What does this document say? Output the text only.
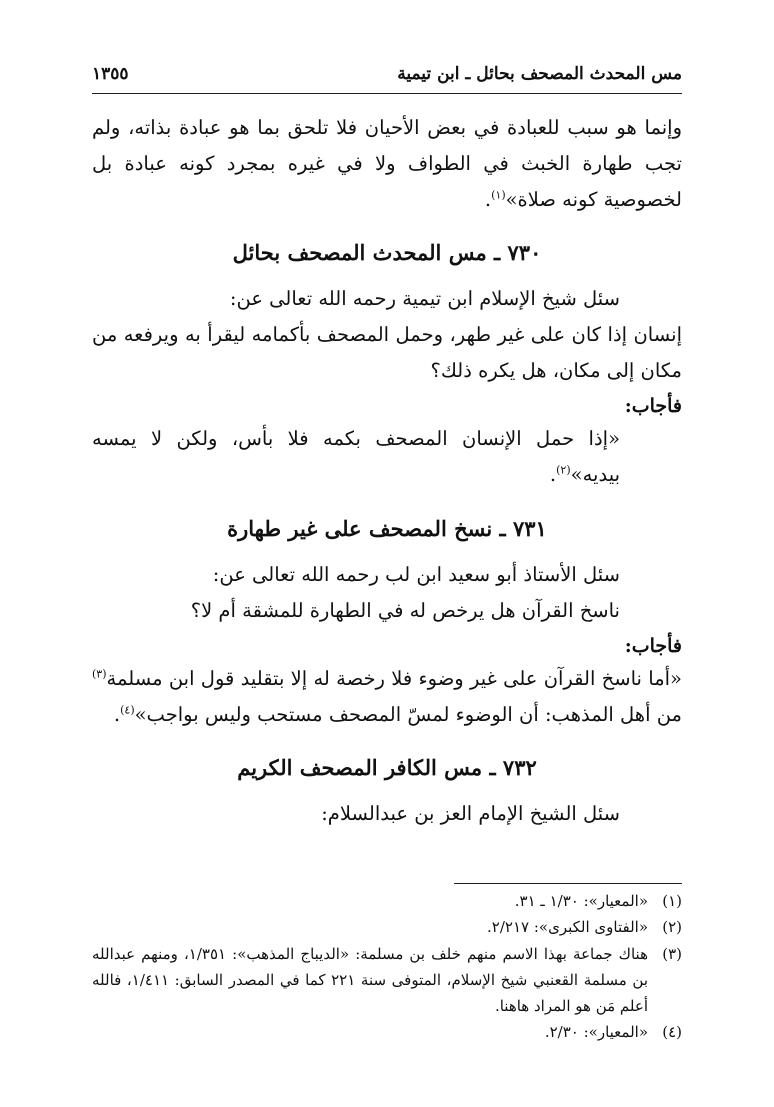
مس المحدث المصحف بحائل ـ ابن تيمية
١٣٥٥

وإنما هو سبب للعبادة في بعض الأحيان فلا تلحق بما هو عبادة بذاته، ولم تجب طهارة الخبث في الطواف ولا في غيره بمجرد كونه عبادة بل لخصوصية كونه صلاة»$^{(١)}$.

٧٣٠ ـ مس المحدث المصحف بحائل

سئل شيخ الإسلام ابن تيمية رحمه الله تعالى عن:

إنسان إذا كان على غير طهر، وحمل المصحف بأكمامه ليقرأ به ويرفعه من مكان إلى مكان، هل يكره ذلك؟

فأجاب:

«إذا حمل الإنسان المصحف بكمه فلا بأس، ولكن لا يمسه بيديه»$^{(٢)}$.

٧٣١ ـ نسخ المصحف على غير طهارة

سئل الأستاذ أبو سعيد ابن لب رحمه الله تعالى عن:

ناسخ القرآن هل يرخص له في الطهارة للمشقة أم لا؟

فأجاب:

«أما ناسخ القرآن على غير وضوء فلا رخصة له إلا بتقليد قول ابن مسلمة$^{(٣)}$ من أهل المذهب: أن الوضوء لمسّ المصحف مستحب وليس بواجب»$^{(٤)}$.

٧٣٢ ـ مس الكافر المصحف الكريم

سئل الشيخ الإمام العز بن عبدالسلام:

(١)
«المعيار»: ١/٣٠ ـ ٣١.
(٢)
«الفتاوى الكبرى»: ٢/٢١٧.
(٣)
هناك جماعة بهذا الاسم منهم خلف بن مسلمة: «الديباج المذهب»: ١/٣٥١، ومنهم عبدالله بن مسلمة القعنبي شيخ الإسلام، المتوفى سنة ٢٢١ كما في المصدر السابق: ١/٤١١، فالله أعلم مَن هو المراد هاهنا.
(٤)
«المعيار»: ٢/٣٠.
